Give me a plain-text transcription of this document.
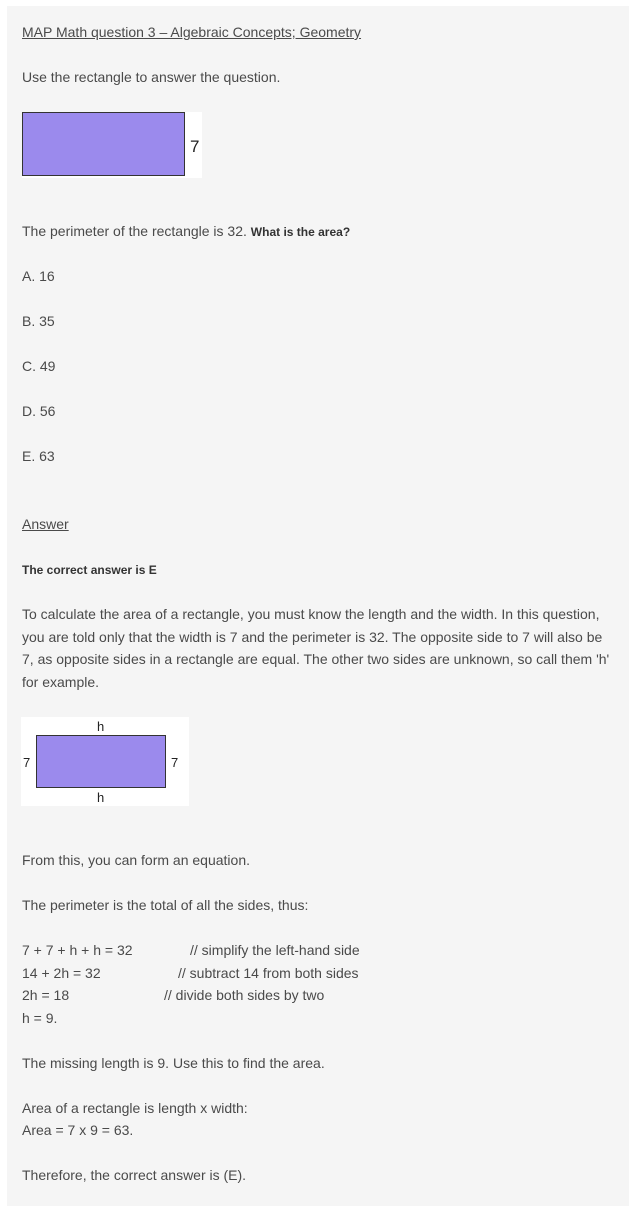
MAP Math question 3 – Algebraic Concepts; Geometry

Use the rectangle to answer the question.

7

The perimeter of the rectangle is 32. What is the area?

A. 16

B. 35

C. 49

D. 56

E. 63

Answer

The correct answer is E

To calculate the area of a rectangle, you must know the length and the width. In this question, you are told only that the width is 7 and the perimeter is 32. The opposite side to 7 will also be 7, as opposite sides in a rectangle are equal. The other two sides are unknown, so call them 'h' for example.

h
h
7	7

From this, you can form an equation.

The perimeter is the total of all the sides, thus:

7 + 7 + h + h = 32	// simplify the left-hand side

14 + 2h = 32	// subtract 14 from both sides

2h = 18	// divide both sides by two

h = 9.

The missing length is 9. Use this to find the area.

Area of a rectangle is length x width:

Area = 7 x 9 = 63.

Therefore, the correct answer is (E).
